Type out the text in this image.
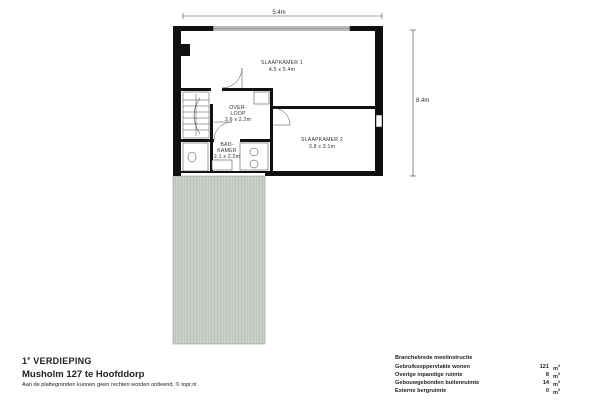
5.4m
8.4m
SLAAPKAMER 1
4.5 x 5.4m
OVER-
LOOP
2.6 x 2.2m
SLAAPKAMER 2
3.8 x 3.1m
BAD-
KAMER
2.1 x 2.2m
1e VERDIEPING
Musholm 127 te Hoofddorp
Aan de plattegronden kunnen geen rechten worden ontleend. © topr.nl
Branchebrede meetinstructie
Gebruiksoppervlakte wonen	121 $m^2$
Overige inpandige ruimte	8 $m^2$
Gebouwgebonden buitenruimte	14 $m^2$
Externe bergruimte	0 $m^2$
